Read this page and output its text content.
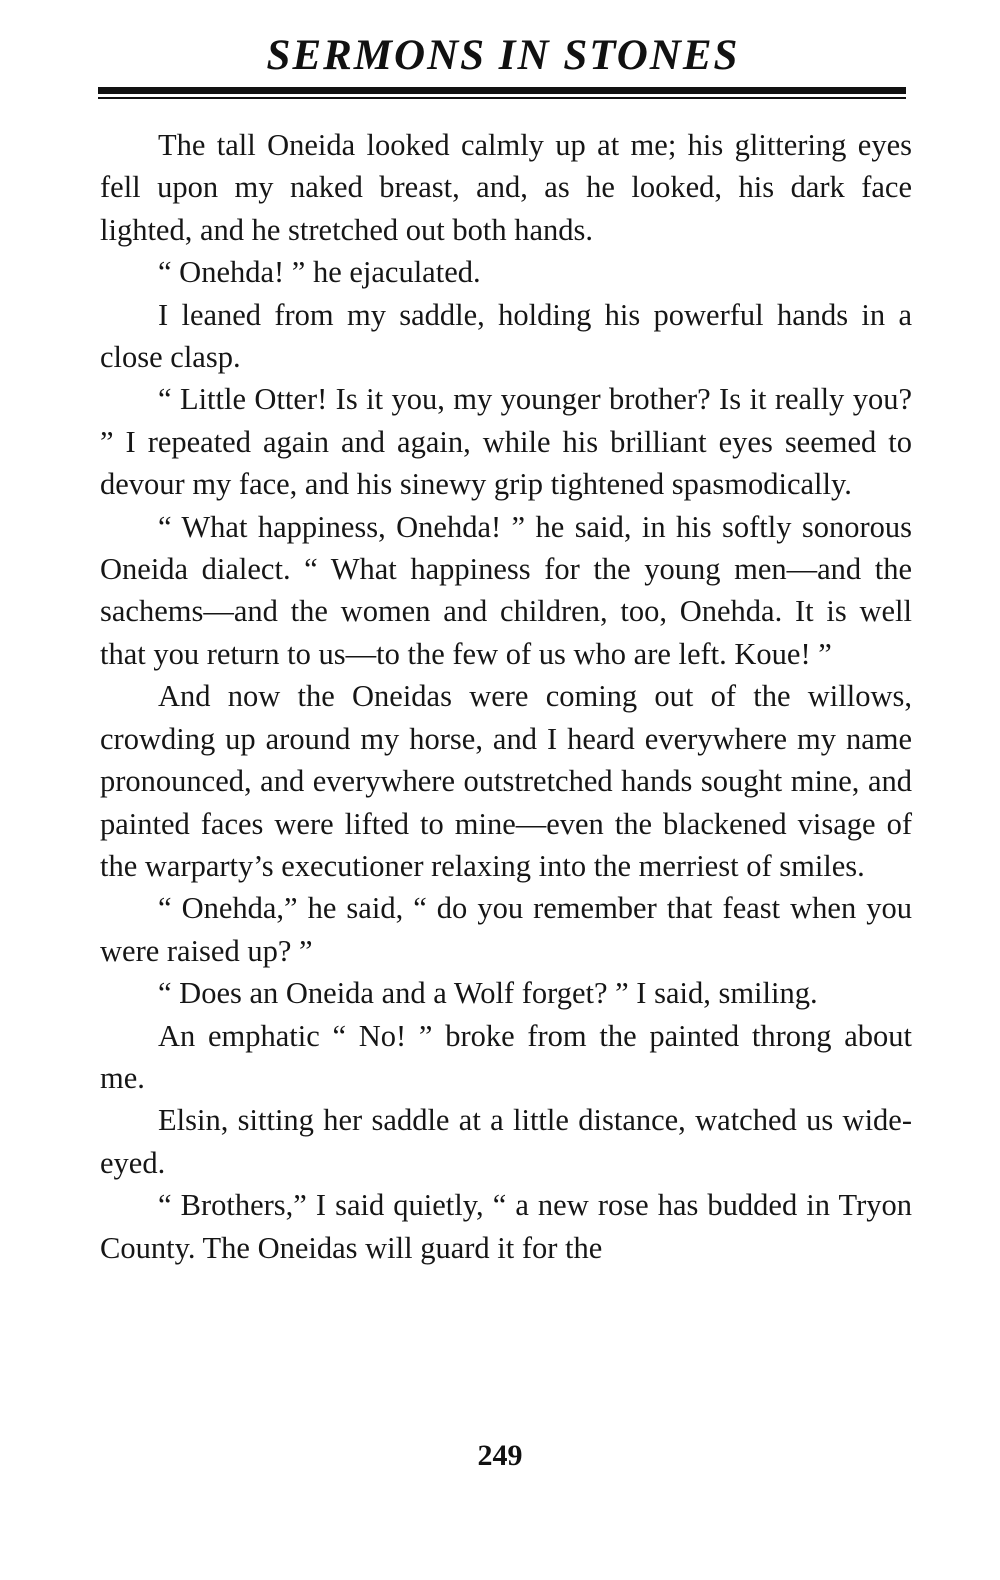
SERMONS IN STONES

The tall Oneida looked calmly up at me; his glittering eyes fell upon my naked breast, and, as he looked, his dark face lighted, and he stretched out both hands.

“ Onehda! ” he ejaculated.

I leaned from my saddle, holding his powerful hands in a close clasp.

“ Little Otter! Is it you, my younger brother? Is it really you? ” I repeated again and again, while his brilliant eyes seemed to devour my face, and his sinewy grip tightened spasmodically.

“ What happiness, Onehda! ” he said, in his softly sonorous Oneida dialect. “ What happiness for the young men—and the sachems—and the women and children, too, Onehda. It is well that you return to us—to the few of us who are left. Koue! ”

And now the Oneidas were coming out of the willows, crowding up around my horse, and I heard everywhere my name pronounced, and everywhere outstretched hands sought mine, and painted faces were lifted to mine—even the blackened visage of the warparty’s executioner relaxing into the merriest of smiles.

“ Onehda,” he said, “ do you remember that feast when you were raised up? ”

“ Does an Oneida and a Wolf forget? ” I said, smiling.

An emphatic “ No! ” broke from the painted throng about me.

Elsin, sitting her saddle at a little distance, watched us wide-eyed.

“ Brothers,” I said quietly, “ a new rose has budded in Tryon County. The Oneidas will guard it for the

249
